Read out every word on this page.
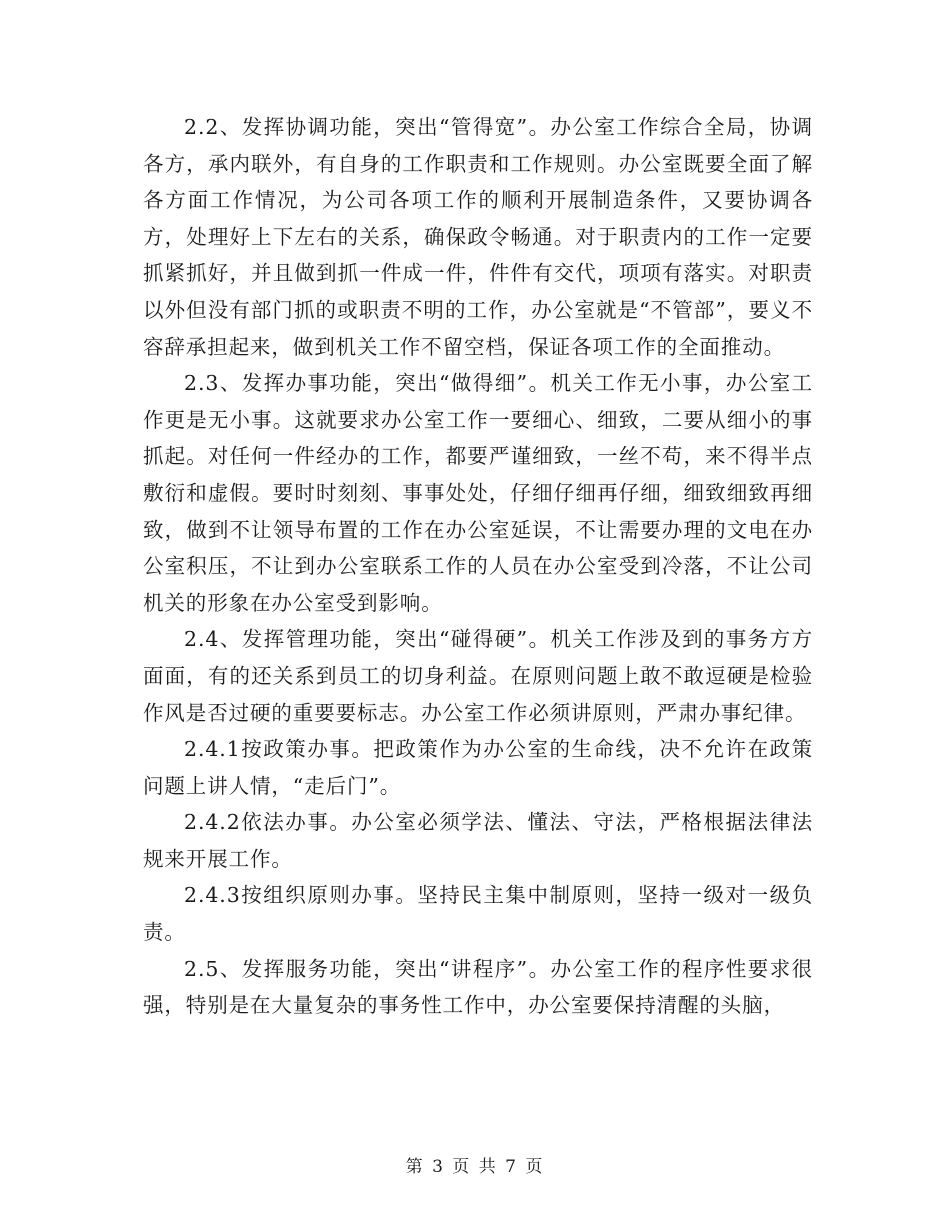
2.2、发挥协调功能，突出“管得宽”。办公室工作综合全局，协调各方，承内联外，有自身的工作职责和工作规则。办公室既要全面了解各方面工作情况，为公司各项工作的顺利开展制造条件，又要协调各方，处理好上下左右的关系，确保政令畅通。对于职责内的工作一定要抓紧抓好，并且做到抓一件成一件，件件有交代，项项有落实。对职责以外但没有部门抓的或职责不明的工作，办公室就是“不管部”，要义不容辞承担起来，做到机关工作不留空档，保证各项工作的全面推动。

2.3、发挥办事功能，突出“做得细”。机关工作无小事，办公室工作更是无小事。这就要求办公室工作一要细心、细致，二要从细小的事抓起。对任何一件经办的工作，都要严谨细致，一丝不苟，来不得半点敷衍和虚假。要时时刻刻、事事处处，仔细仔细再仔细，细致细致再细致，做到不让领导布置的工作在办公室延误，不让需要办理的文电在办公室积压，不让到办公室联系工作的人员在办公室受到冷落，不让公司机关的形象在办公室受到影响。

2.4、发挥管理功能，突出“碰得硬”。机关工作涉及到的事务方方面面，有的还关系到员工的切身利益。在原则问题上敢不敢逗硬是检验作风是否过硬的重要要标志。办公室工作必须讲原则，严肃办事纪律。

2.4.1按政策办事。把政策作为办公室的生命线，决不允许在政策问题上讲人情，“走后门”。

2.4.2依法办事。办公室必须学法、懂法、守法，严格根据法律法规来开展工作。

2.4.3按组织原则办事。坚持民主集中制原则，坚持一级对一级负责。

2.5、发挥服务功能，突出“讲程序”。办公室工作的程序性要求很强，特别是在大量复杂的事务性工作中，办公室要保持清醒的头脑，

第 3 页 共 7 页
